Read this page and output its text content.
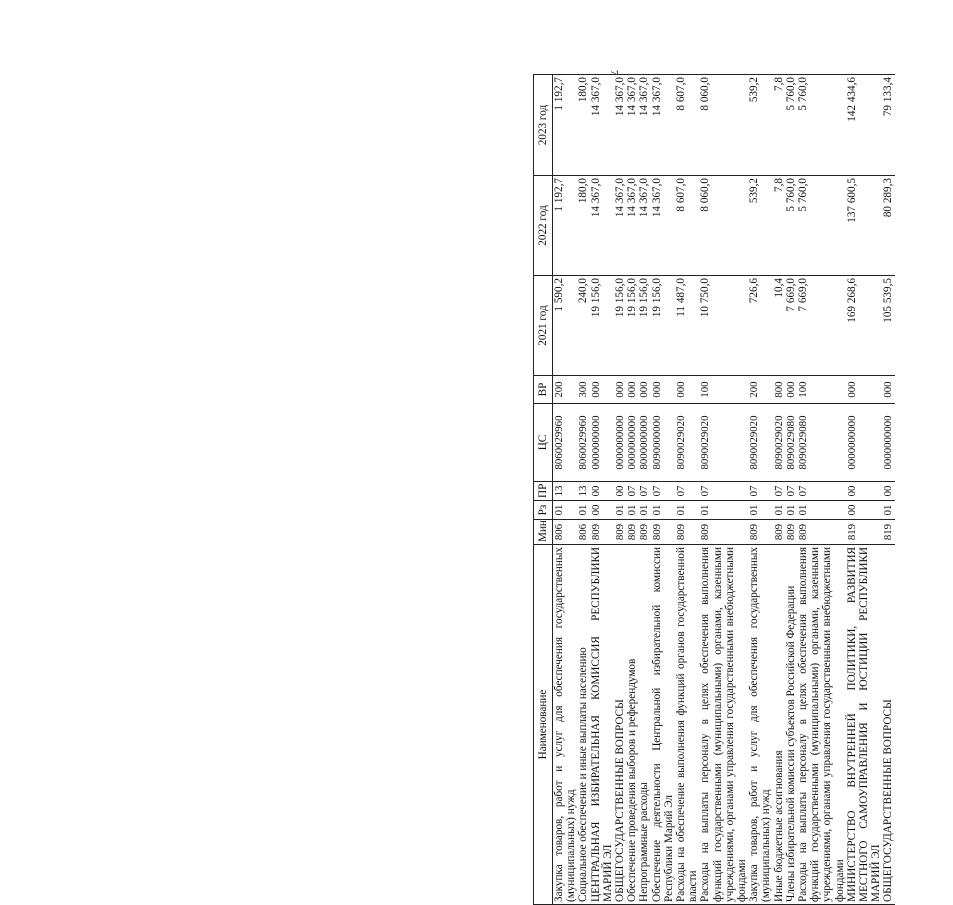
7
Наименование	Мин	Рз	ПР	ЦС	ВР	2021 год	2022 год	2023 год
Закупка товаров, работ и услуг для обеспечения государственных (муниципальных) нужд	806	01	13	8060029960	200	1 590,2	1 192,7	1 192,7
Социальное обеспечение и иные выплаты населению	806	01	13	8060029960	300	240,0	180,0	180,0
ЦЕНТРАЛЬНАЯ ИЗБИРАТЕЛЬНАЯ КОМИССИЯ РЕСПУБЛИКИ МАРИЙ ЭЛ	809	00	00	0000000000	000	19 156,0	14 367,0	14 367,0
ОБЩЕГОСУДАРСТВЕННЫЕ ВОПРОСЫ	809	01	00	0000000000	000	19 156,0	14 367,0	14 367,0
Обеспечение проведения выборов и референдумов	809	01	07	0000000000	000	19 156,0	14 367,0	14 367,0
Непрограммные расходы	809	01	07	8000000000	000	19 156,0	14 367,0	14 367,0
Обеспечение деятельности Центральной избирательной комиссии Республики Марий Эл	809	01	07	8090000000	000	19 156,0	14 367,0	14 367,0
Расходы на обеспечение выполнения функций органов государственной власти	809	01	07	8090029020	000	11 487,0	8 607,0	8 607,0
Расходы на выплаты персоналу в целях обеспечения выполнения функций государственными (муниципальными) органами, казенными учреждениями, органами управления государственными внебюджетными фондами	809	01	07	8090029020	100	10 750,0	8 060,0	8 060,0
Закупка товаров, работ и услуг для обеспечения государственных (муниципальных) нужд	809	01	07	8090029020	200	726,6	539,2	539,2
Иные бюджетные ассигнования	809	01	07	8090029020	800	10,4	7,8	7,8
Члены избирательной комиссии субъектов Российской Федерации	809	01	07	8090029080	000	7 669,0	5 760,0	5 760,0
Расходы на выплаты персоналу в целях обеспечения выполнения функций государственными (муниципальными) органами, казенными учреждениями, органами управления государственными внебюджетными фондами	809	01	07	8090029080	100	7 669,0	5 760,0	5 760,0
МИНИСТЕРСТВО ВНУТРЕННЕЙ ПОЛИТИКИ, РАЗВИТИЯ МЕСТНОГО САМОУПРАВЛЕНИЯ И ЮСТИЦИИ РЕСПУБЛИКИ МАРИЙ ЭЛ	819	00	00	0000000000	000	169 268,6	137 600,5	142 434,6
ОБЩЕГОСУДАРСТВЕННЫЕ ВОПРОСЫ	819	01	00	0000000000	000	105 539,5	80 289,3	79 133,4
